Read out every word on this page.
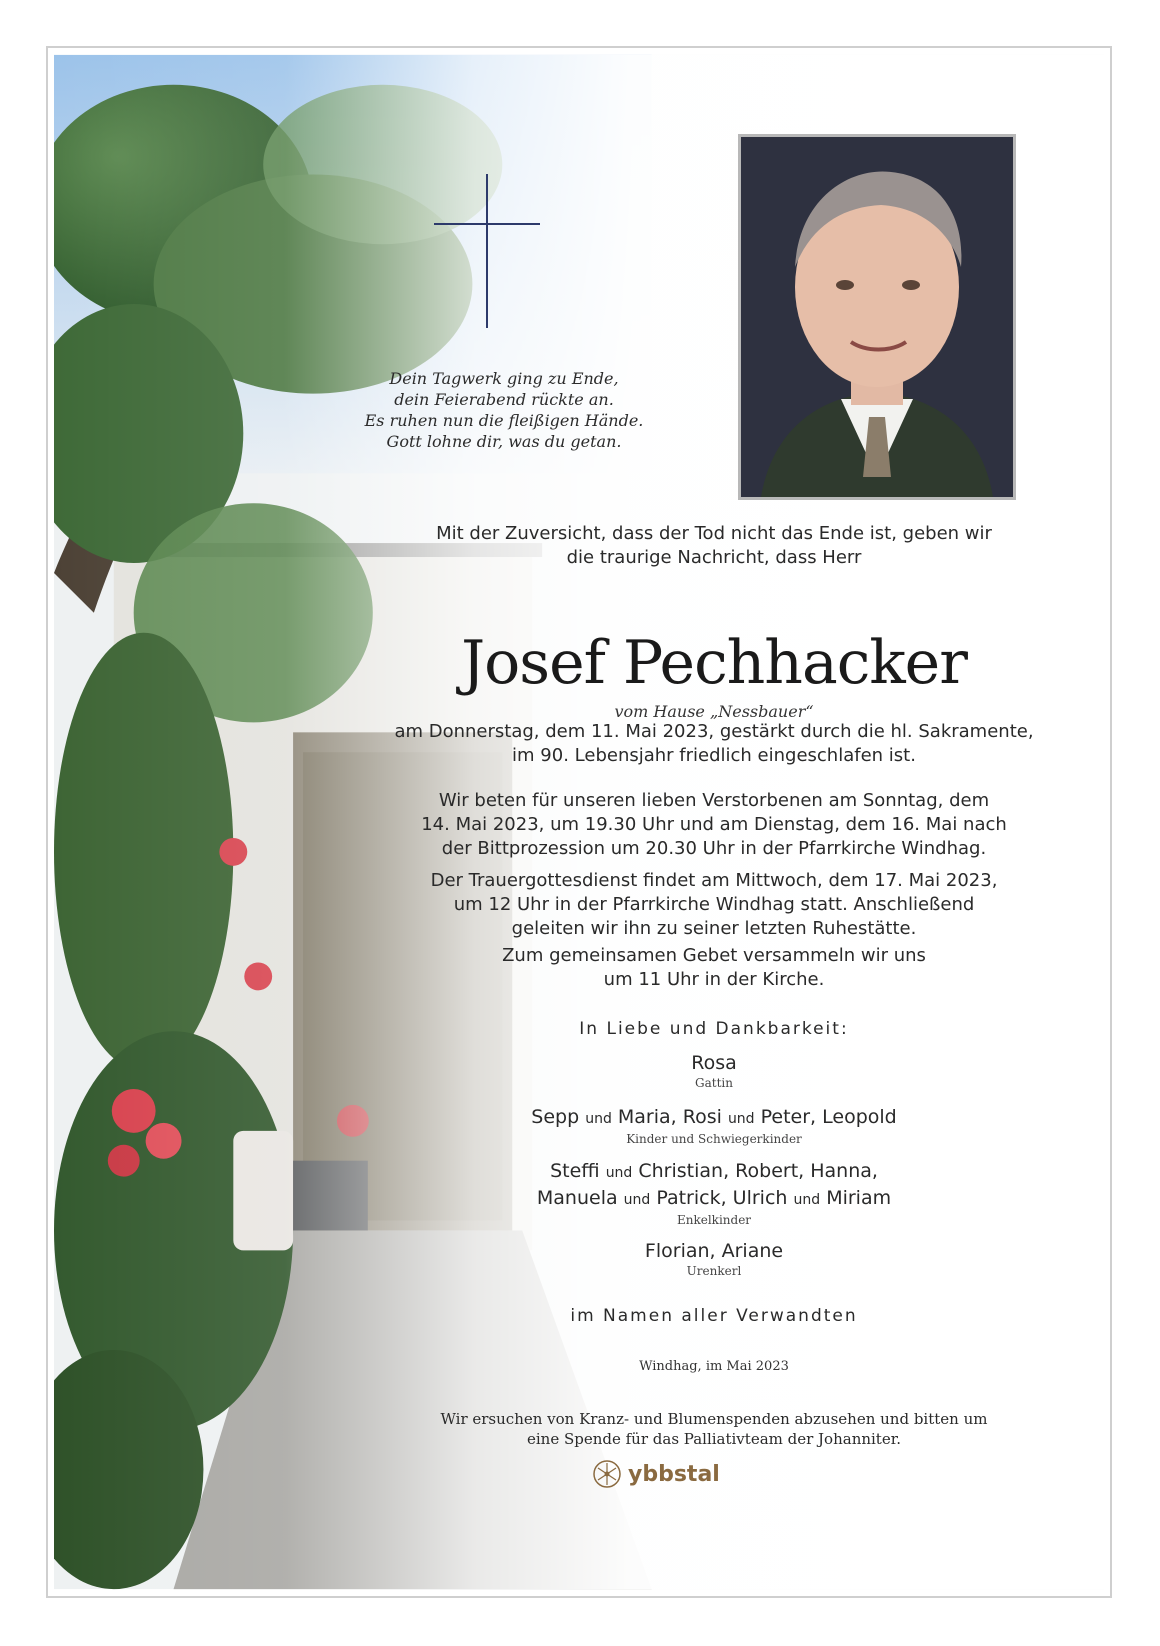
Dein Tagwerk ging zu Ende,
dein Feierabend rückte an.
Es ruhen nun die fleißigen Hände.
Gott lohne dir, was du getan.
Mit der Zuversicht, dass der Tod nicht das Ende ist, geben wir
die traurige Nachricht, dass Herr
Josef Pechhacker
vom Hause „Nessbauer“
am Donnerstag, dem 11. Mai 2023, gestärkt durch die hl. Sakramente,
im 90. Lebensjahr friedlich eingeschlafen ist.
Wir beten für unseren lieben Verstorbenen am Sonntag, dem
14. Mai 2023, um 19.30 Uhr und am Dienstag, dem 16. Mai nach
der Bittprozession um 20.30 Uhr in der Pfarrkirche Windhag.
Der Trauergottesdienst findet am Mittwoch, dem 17. Mai 2023,
um 12 Uhr in der Pfarrkirche Windhag statt. Anschließend
geleiten wir ihn zu seiner letzten Ruhestätte.
Zum gemeinsamen Gebet versammeln wir uns
um 11 Uhr in der Kirche.
In Liebe und Dankbarkeit:
Rosa
Gattin
Sepp und Maria, Rosi und Peter, Leopold
Kinder und Schwiegerkinder
Steffi und Christian, Robert, Hanna,
Manuela und Patrick, Ulrich und Miriam
Enkelkinder
Florian, Ariane
Urenkerl
im Namen aller Verwandten
Windhag, im Mai 2023
Wir ersuchen von Kranz- und Blumenspenden abzusehen und bitten um
eine Spende für das Palliativteam der Johanniter.
ybbstal
